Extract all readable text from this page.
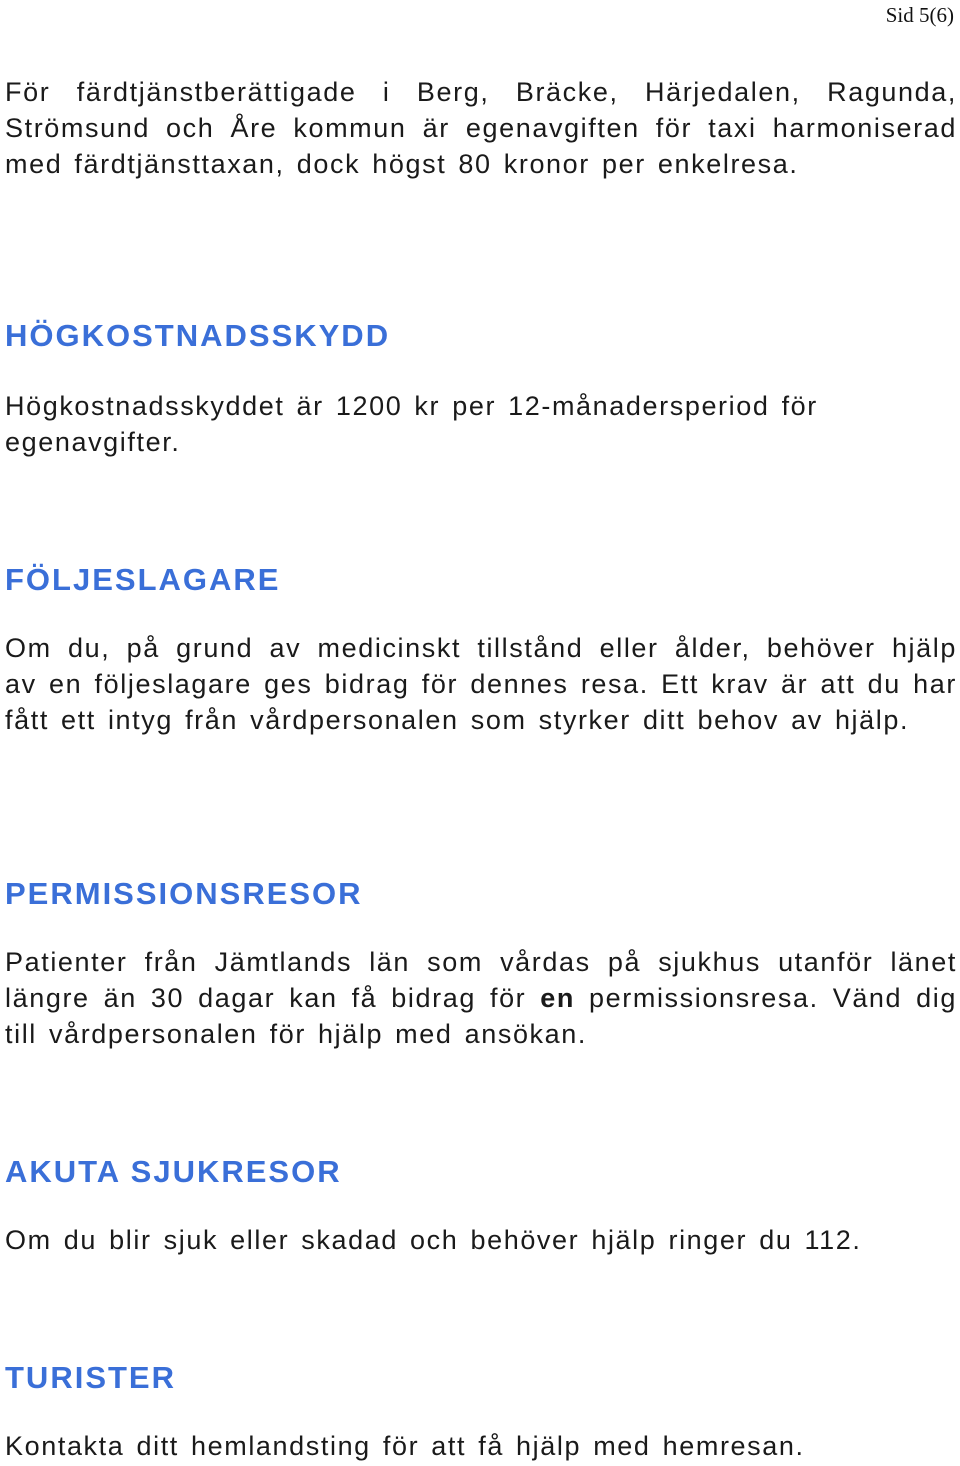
Sid 5(6)

För färdtjänstberättigade i Berg, Bräcke, Härjedalen, Ragunda, Strömsund och Åre kommun är egenavgiften för taxi harmoniserad med färdtjänsttaxan, dock högst 80 kronor per enkelresa.

HÖGKOSTNADSSKYDD

Högkostnadsskyddet är 1200 kr per 12-månadersperiod för egenavgifter.

FÖLJESLAGARE

Om du, på grund av medicinskt tillstånd eller ålder, behöver hjälp av en följeslagare ges bidrag för dennes resa. Ett krav är att du har fått ett intyg från vårdpersonalen som styrker ditt behov av hjälp.

PERMISSIONSRESOR

Patienter från Jämtlands län som vårdas på sjukhus utanför länet längre än 30 dagar kan få bidrag för en permissionsresa. Vänd dig till vårdpersonalen för hjälp med ansökan.

AKUTA SJUKRESOR

Om du blir sjuk eller skadad och behöver hjälp ringer du 112.

TURISTER

Kontakta ditt hemlandsting för att få hjälp med hemresan.
